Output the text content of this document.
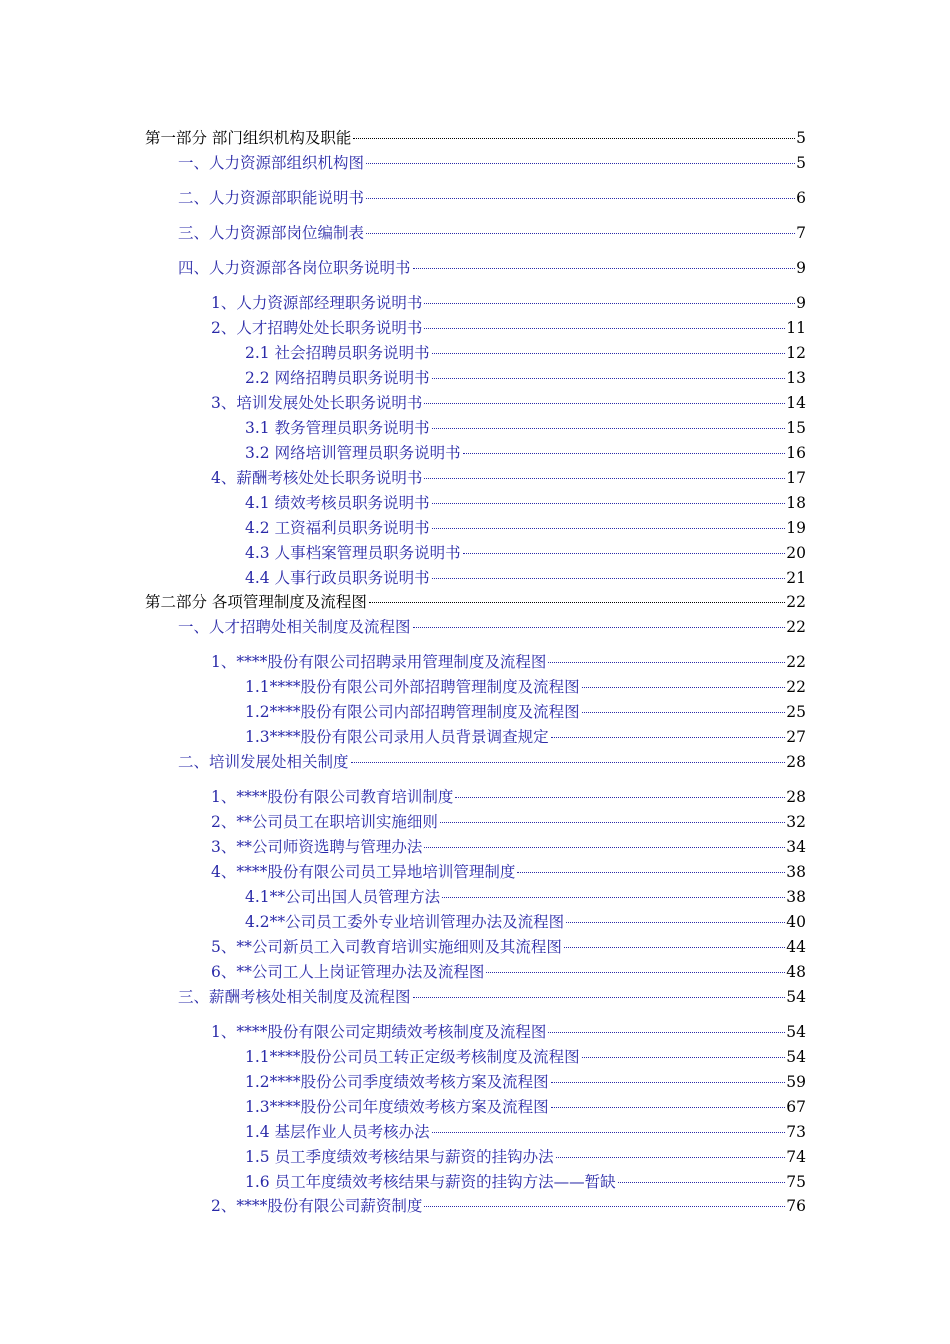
第一部分 部门组织机构及职能	5
一、人力资源部组织机构图	5
二、人力资源部职能说明书	6
三、人力资源部岗位编制表	7
四、人力资源部各岗位职务说明书	9
1、人力资源部经理职务说明书	9
2、人才招聘处处长职务说明书	11
2.1 社会招聘员职务说明书	12
2.2 网络招聘员职务说明书	13
3、培训发展处处长职务说明书	14
3.1 教务管理员职务说明书	15
3.2 网络培训管理员职务说明书	16
4、薪酬考核处处长职务说明书	17
4.1 绩效考核员职务说明书	18
4.2 工资福利员职务说明书	19
4.3 人事档案管理员职务说明书	20
4.4 人事行政员职务说明书	21
第二部分 各项管理制度及流程图	22
一、人才招聘处相关制度及流程图	22
1、****股份有限公司招聘录用管理制度及流程图	22
1.1****股份有限公司外部招聘管理制度及流程图	22
1.2****股份有限公司内部招聘管理制度及流程图	25
1.3****股份有限公司录用人员背景调查规定	27
二、培训发展处相关制度	28
1、****股份有限公司教育培训制度	28
2、**公司员工在职培训实施细则	32
3、**公司师资选聘与管理办法	34
4、****股份有限公司员工异地培训管理制度	38
4.1**公司出国人员管理方法	38
4.2**公司员工委外专业培训管理办法及流程图	40
5、**公司新员工入司教育培训实施细则及其流程图	44
6、**公司工人上岗证管理办法及流程图	48
三、薪酬考核处相关制度及流程图	54
1、****股份有限公司定期绩效考核制度及流程图	54
1.1****股份公司员工转正定级考核制度及流程图	54
1.2****股份公司季度绩效考核方案及流程图	59
1.3****股份公司年度绩效考核方案及流程图	67
1.4 基层作业人员考核办法	73
1.5 员工季度绩效考核结果与薪资的挂钩办法	74
1.6 员工年度绩效考核结果与薪资的挂钩方法——暂缺	75
2、****股份有限公司薪资制度	76
